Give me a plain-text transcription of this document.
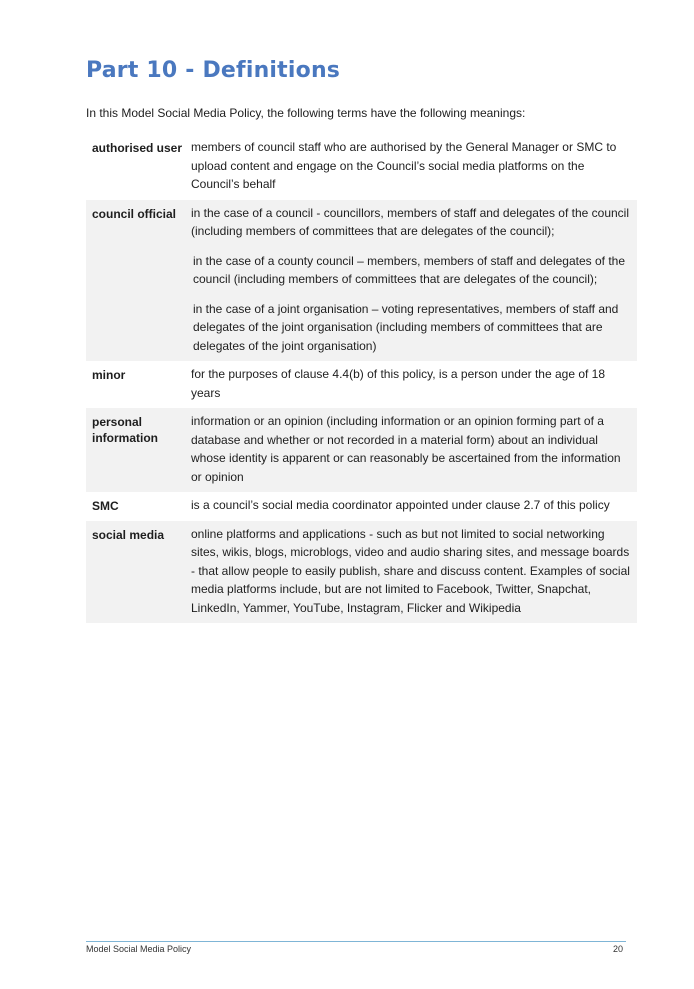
Part 10 - Definitions

In this Model Social Media Policy, the following terms have the following meanings:

authorised user	members of council staff who are authorised by the General Manager or SMC to upload content and engage on the Council’s social media platforms on the Council’s behalf

council official	in the case of a council - councillors, members of staff and delegates of the council (including members of committees that are delegates of the council);

in the case of a county council – members, members of staff and delegates of the council (including members of committees that are delegates of the council);

in the case of a joint organisation – voting representatives, members of staff and delegates of the joint organisation (including members of committees that are delegates of the joint organisation)

minor	for the purposes of clause 4.4(b) of this policy, is a person under the age of 18 years

personal information	information or an opinion (including information or an opinion forming part of a database and whether or not recorded in a material form) about an individual whose identity is apparent or can reasonably be ascertained from the information or opinion

SMC	is a council’s social media coordinator appointed under clause 2.7 of this policy

social media	online platforms and applications - such as but not limited to social networking sites, wikis, blogs, microblogs, video and audio sharing sites, and message boards - that allow people to easily publish, share and discuss content. Examples of social media platforms include, but are not limited to Facebook, Twitter, Snapchat, LinkedIn, Yammer, YouTube, Instagram, Flicker and Wikipedia

Model Social Media Policy	20
